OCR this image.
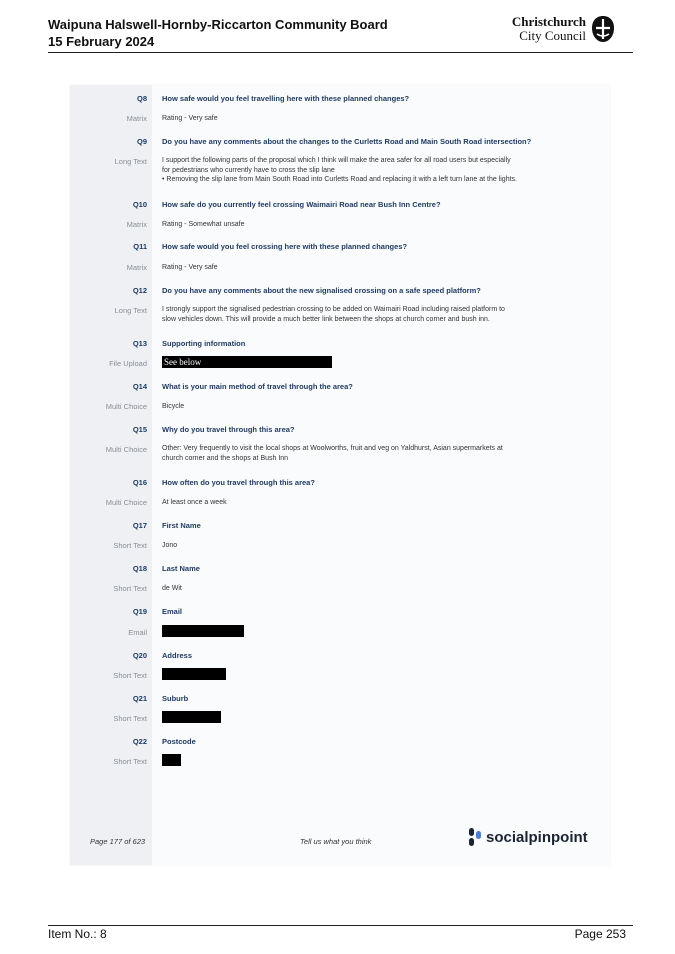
Waipuna Halswell-Hornby-Riccarton Community Board
15 February 2024
Christchurch
City Council
Q8 How safe would you feel travelling here with these planned changes?
Matrix Rating - Very safe
Q9 Do you have any comments about the changes to the Curletts Road and Main South Road intersection?
Long Text I support the following parts of the proposal which I think will make the area safer for all road users but especially
for pedestrians who currently have to cross the slip lane
• Removing the slip lane from Main South Road into Curletts Road and replacing it with a left turn lane at the lights.
Q10 How safe do you currently feel crossing Waimairi Road near Bush Inn Centre?
Matrix Rating - Somewhat unsafe
Q11 How safe would you feel crossing here with these planned changes?
Matrix Rating - Very safe
Q12 Do you have any comments about the new signalised crossing on a safe speed platform?
Long Text I strongly support the signalised pedestrian crossing to be added on Waimairi Road including raised platform to
slow vehicles down. This will provide a much better link between the shops at church corner and bush inn.
Q13 Supporting information
File Upload See below
Q14 What is your main method of travel through the area?
Multi Choice Bicycle
Q15 Why do you travel through this area?
Multi Choice Other: Very frequently to visit the local shops at Woolworths, fruit and veg on Yaldhurst, Asian supermarkets at
church corner and the shops at Bush Inn
Q16 How often do you travel through this area?
Multi Choice At least once a week
Q17 First Name
Short Text Jono
Q18 Last Name
Short Text de Wit
Q19 Email
Email
Q20 Address
Short Text
Q21 Suburb
Short Text
Q22 Postcode
Short Text
Page 177 of 623	Tell us what you think	socialpinpoint
Item No.: 8	Page 253
